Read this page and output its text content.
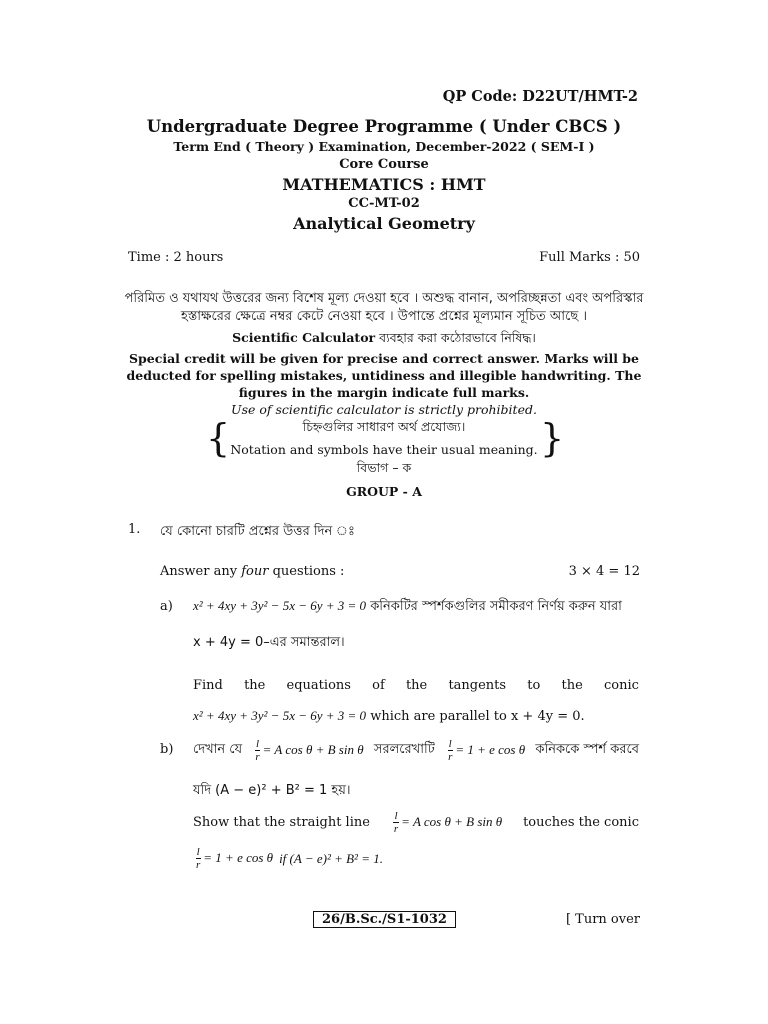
QP Code: D22UT/HMT-2
Undergraduate Degree Programme ( Under CBCS )
Term End ( Theory ) Examination, December-2022 ( SEM-I )
Core Course
MATHEMATICS : HMT
CC-MT-02
Analytical Geometry
Time : 2 hours	Full Marks : 50
পরিমিত ও যথাযথ উত্তরের জন্য বিশেষ মূল্য দেওয়া হবে । অশুদ্ধ বানান, অপরিচ্ছন্নতা এবং অপরিস্কার
হস্তাক্ষরের ক্ষেত্রে নম্বর কেটে নেওয়া হবে । উপান্তে প্রশ্নের মূল্যমান সূচিত আছে ।
Scientific Calculator ব্যবহার করা কঠোরভাবে নিষিদ্ধ।
Special credit will be given for precise and correct answer. Marks will be
deducted for spelling mistakes, untidiness and illegible handwriting. The
figures in the margin indicate full marks.
Use of scientific calculator is strictly prohibited.
{	}
চিহ্নগুলির সাধারণ অর্থ প্রযোজ্য।
Notation and symbols have their usual meaning.
বিভাগ – ক
GROUP - A
1. যে কোনো চারটি প্রশ্নের উত্তর দিন ঃ
Answer any four questions :	3 × 4 = 12
a) x² + 4xy + 3y² − 5x − 6y + 3 = 0 কনিকটির স্পর্শকগুলির সমীকরণ নির্ণয় করুন যারা
x + 4y = 0–এর সমান্তরাল।
Find the equations of the tangents to the conic
x² + 4xy + 3y² − 5x − 6y + 3 = 0 which are parallel to x + 4y = 0.
b) দেখান যে $\frac{l}{r} = A$ cos θ + B sin θ সরলরেখাটি $\frac{l}{r} = 1 + e$ cos θ কনিককে স্পর্শ করবে
যদি (A − e)² + B² = 1 হয়।
Show that the straight line $\frac{l}{r} = A$ cos θ + B sin θ touches the conic
$\frac{l}{r} = 1 + e$ cos θ if (A − e)² + B² = 1.
26/B.Sc./S1-1032	[ Turn over
